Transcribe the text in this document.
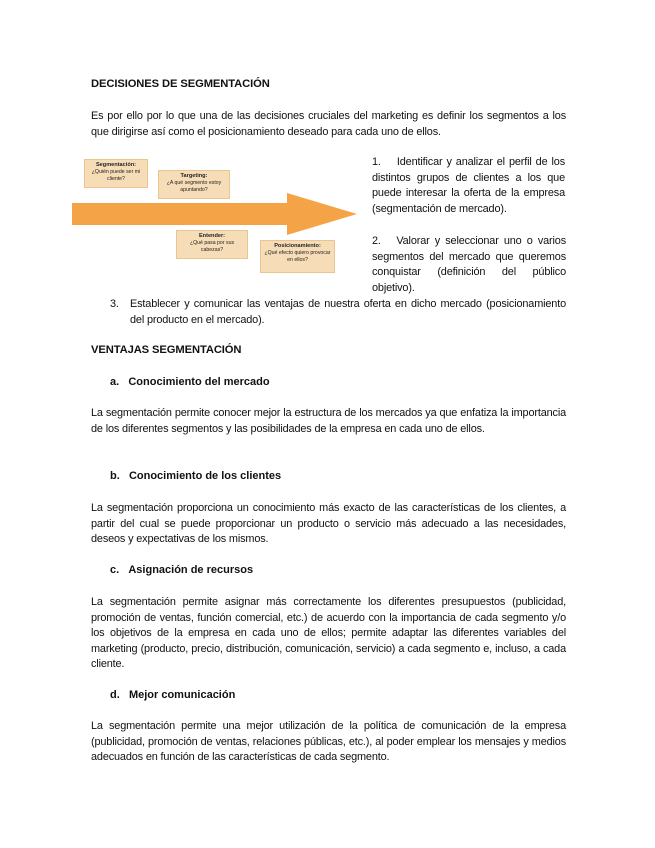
DECISIONES DE SEGMENTACIÓN
Es por ello por lo que una de las decisiones cruciales del marketing es definir los segmentos a los que dirigirse así como el posicionamiento deseado para cada uno de ellos.
Segmentación:
¿Quién puede ser mi cliente?	Targeting:
¿A qué segmento estoy apuntando?
Entender:
¿Qué pasa por sus cabezas?
Posicionamiento:
¿Qué efecto quiero provocar en ellos?
1. Identificar y analizar el perfil de los distintos grupos de clientes a los que puede interesar la oferta de la empresa (segmentación de mercado).
2. Valorar y seleccionar uno o varios segmentos del mercado que queremos conquistar (definición del público objetivo).
3. Establecer y comunicar las ventajas de nuestra oferta en dicho mercado (posicionamiento del producto en el mercado).
VENTAJAS SEGMENTACIÓN
a. Conocimiento del mercado
La segmentación permite conocer mejor la estructura de los mercados ya que enfatiza la importancia de los diferentes segmentos y las posibilidades de la empresa en cada uno de ellos.
b. Conocimiento de los clientes
La segmentación proporciona un conocimiento más exacto de las características de los clientes, a partir del cual se puede proporcionar un producto o servicio más adecuado a las necesidades, deseos y expectativas de los mismos.
c. Asignación de recursos
La segmentación permite asignar más correctamente los diferentes presupuestos (publicidad, promoción de ventas, función comercial, etc.) de acuerdo con la importancia de cada segmento y/o los objetivos de la empresa en cada uno de ellos; permite adaptar las diferentes variables del marketing (producto, precio, distribución, comunicación, servicio) a cada segmento e, incluso, a cada cliente.
d. Mejor comunicación
La segmentación permite una mejor utilización de la política de comunicación de la empresa (publicidad, promoción de ventas, relaciones públicas, etc.), al poder emplear los mensajes y medios adecuados en función de las características de cada segmento.
